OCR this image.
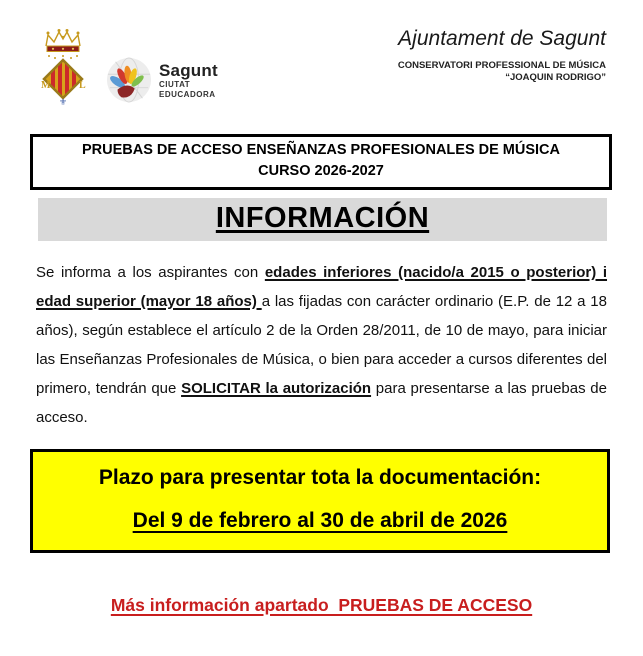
M	L
⚜
Sagunt
CIUTAT
EDUCADORA
Ajuntament de Sagunt
CONSERVATORI PROFESSIONAL DE MÚSICA
“JOAQUIN RODRIGO”
PRUEBAS DE ACCESO ENSEÑANZAS PROFESIONALES DE MÚSICA
CURSO 2026-2027
INFORMACIÓN

Se informa a los aspirantes con edades inferiores (nacido/a 2015 o posterior) i edad superior (mayor 18 años) a las fijadas con carácter ordinario (E.P. de 12 a 18 años), según establece el artículo 2 de la Orden 28/2011, de 10 de mayo, para iniciar las Enseñanzas Profesionales de Música, o bien para acceder a cursos diferentes del primero, tendrán que SOLICITAR la autorización para presentarse a las pruebas de acceso.

Plazo para presentar tota la documentación:
Del 9 de febrero al 30 de abril de 2026
Más información apartado  PRUEBAS DE ACCESO
